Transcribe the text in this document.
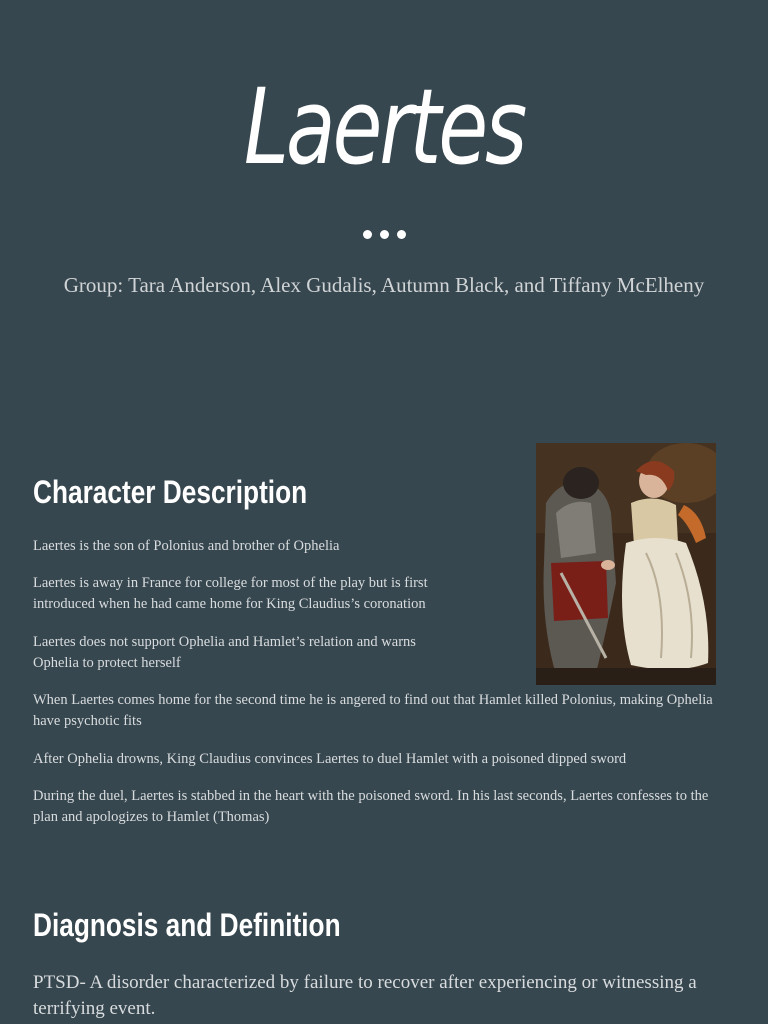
Laertes

Group: Tara Anderson, Alex Gudalis, Autumn Black, and Tiffany McElheny
Character Description

Laertes is the son of Polonius and brother of Ophelia

Laertes is away in France for college for most of the play but is first introduced when he had came home for King Claudius’s coronation

Laertes does not support Ophelia and Hamlet’s relation and warns Ophelia to protect herself

When Laertes comes home for the second time he is angered to find out that Hamlet killed Polonius, making Ophelia have psychotic fits

After Ophelia drowns, King Claudius convinces Laertes to duel Hamlet with a poisoned dipped sword

During the duel, Laertes is stabbed in the heart with the poisoned sword. In his last seconds, Laertes confesses to the plan and apologizes to Hamlet (Thomas)

Diagnosis and Definition

PTSD- A disorder characterized by failure to recover after experiencing or witnessing a terrifying event.
